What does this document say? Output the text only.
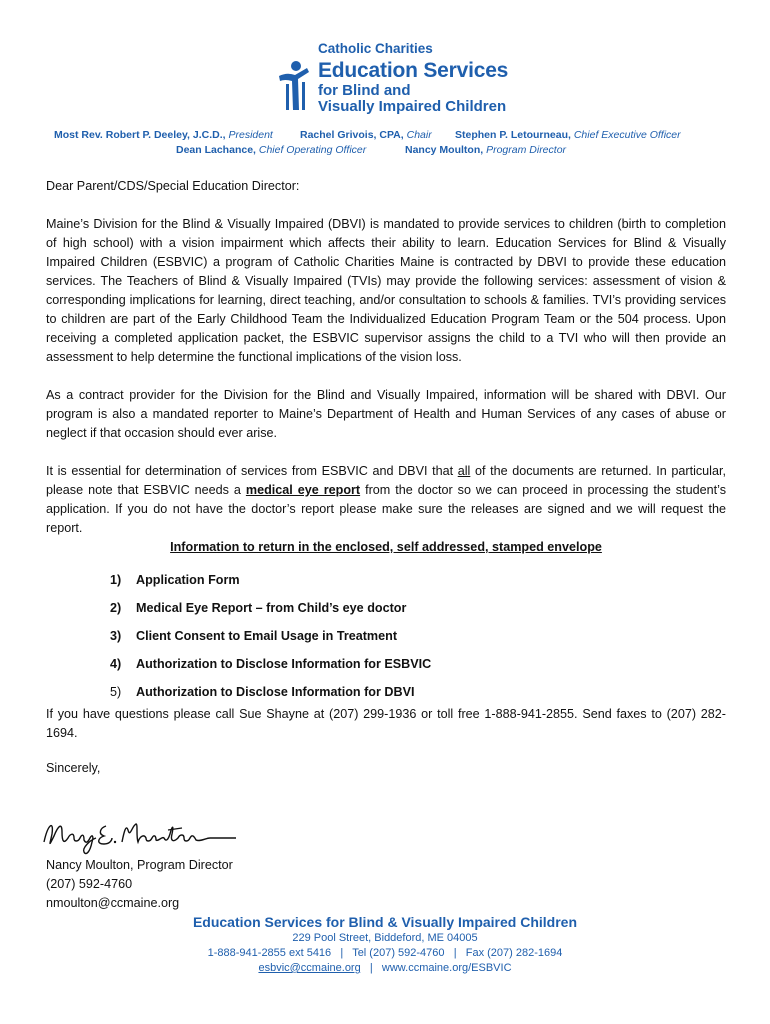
Catholic Charities
Education Services
for Blind and
Visually Impaired Children
Most Rev. Robert P. Deeley, J.C.D., President	Rachel Grivois, CPA, Chair Stephen P. Letourneau, Chief Executive Officer
Dean Lachance, Chief Operating Officer	Nancy Moulton, Program Director

Dear Parent/CDS/Special Education Director:

Maine’s Division for the Blind & Visually Impaired (DBVI) is mandated to provide services to children (birth to completion of high school) with a vision impairment which affects their ability to learn. Education Services for Blind & Visually Impaired Children (ESBVIC) a program of Catholic Charities Maine is contracted by DBVI to provide these education services. The Teachers of Blind & Visually Impaired (TVIs) may provide the following services: assessment of vision & corresponding implications for learning, direct teaching, and/or consultation to schools & families. TVI’s providing services to children are part of the Early Childhood Team the Individualized Education Program Team or the 504 process. Upon receiving a completed application packet, the ESBVIC supervisor assigns the child to a TVI who will then provide an assessment to help determine the functional implications of the vision loss.

As a contract provider for the Division for the Blind and Visually Impaired, information will be shared with DBVI. Our program is also a mandated reporter to Maine’s Department of Health and Human Services of any cases of abuse or neglect if that occasion should ever arise.

It is essential for determination of services from ESBVIC and DBVI that all of the documents are returned. In particular, please note that ESBVIC needs a medical eye report from the doctor so we can proceed in processing the student’s application. If you do not have the doctor’s report please make sure the releases are signed and we will request the report.

Information to return in the enclosed, self addressed, stamped envelope

1) Application Form
2) Medical Eye Report – from Child’s eye doctor
3) Client Consent to Email Usage in Treatment
4) Authorization to Disclose Information for ESBVIC
5) Authorization to Disclose Information for DBVI

If you have questions please call Sue Shayne at (207) 299-1936 or toll free 1-888-941-2855. Send faxes to (207) 282-1694.

Sincerely,

Nancy Moulton, Program Director
(207) 592-4760
nmoulton@ccmaine.org
Education Services for Blind & Visually Impaired Children
229 Pool Street, Biddeford, ME 04005
1-888-941-2855 ext 5416 | Tel (207) 592-4760 | Fax (207) 282-1694
esbvic@ccmaine.org | www.ccmaine.org/ESBVIC
